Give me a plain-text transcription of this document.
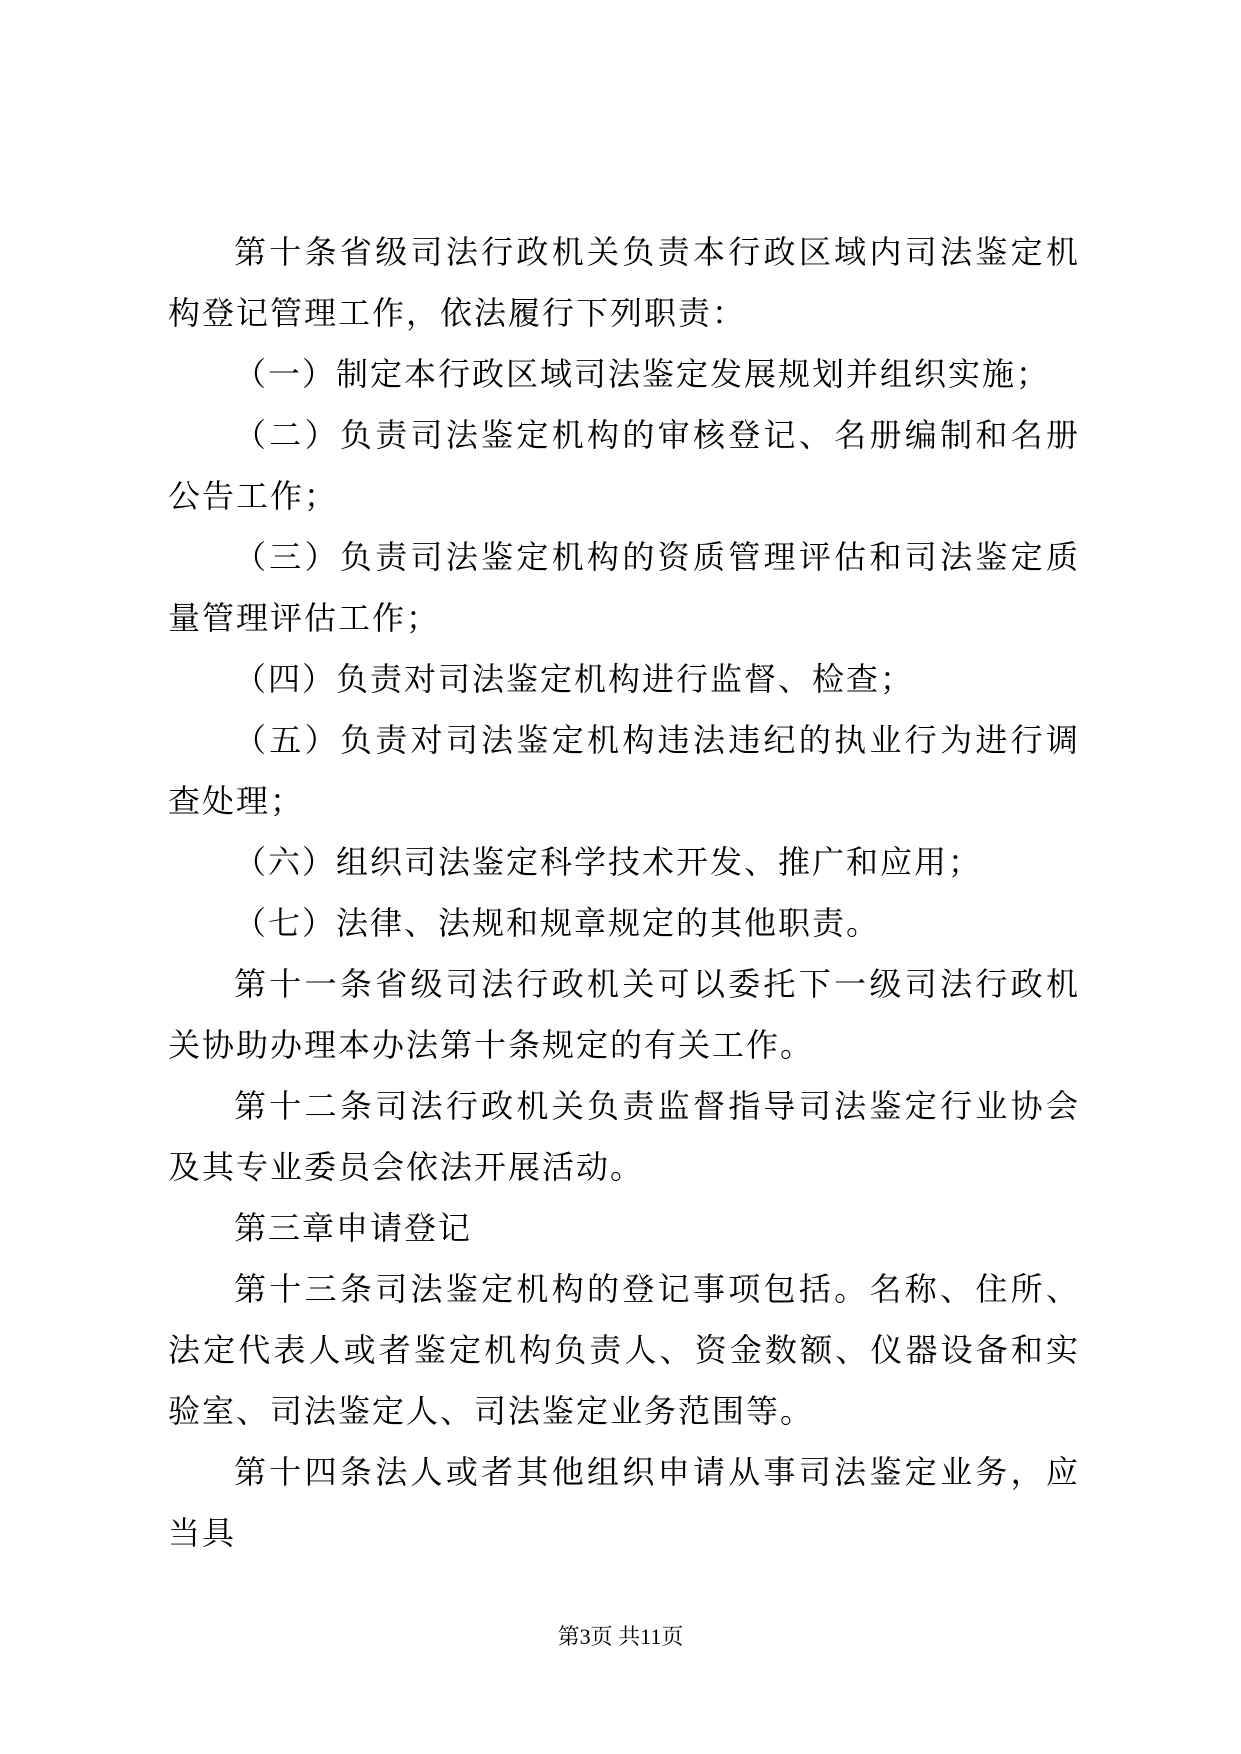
第十条省级司法行政机关负责本行政区域内司法鉴定机构登记管理工作，依法履行下列职责：

（一）制定本行政区域司法鉴定发展规划并组织实施；

（二）负责司法鉴定机构的审核登记、名册编制和名册公告工作；

（三）负责司法鉴定机构的资质管理评估和司法鉴定质量管理评估工作；

（四）负责对司法鉴定机构进行监督、检查；

（五）负责对司法鉴定机构违法违纪的执业行为进行调查处理；

（六）组织司法鉴定科学技术开发、推广和应用；

（七）法律、法规和规章规定的其他职责。

第十一条省级司法行政机关可以委托下一级司法行政机关协助办理本办法第十条规定的有关工作。

第十二条司法行政机关负责监督指导司法鉴定行业协会及其专业委员会依法开展活动。

第三章申请登记

第十三条司法鉴定机构的登记事项包括。名称、住所、法定代表人或者鉴定机构负责人、资金数额、仪器设备和实验室、司法鉴定人、司法鉴定业务范围等。

第十四条法人或者其他组织申请从事司法鉴定业务，应当具

第3页 共11页
